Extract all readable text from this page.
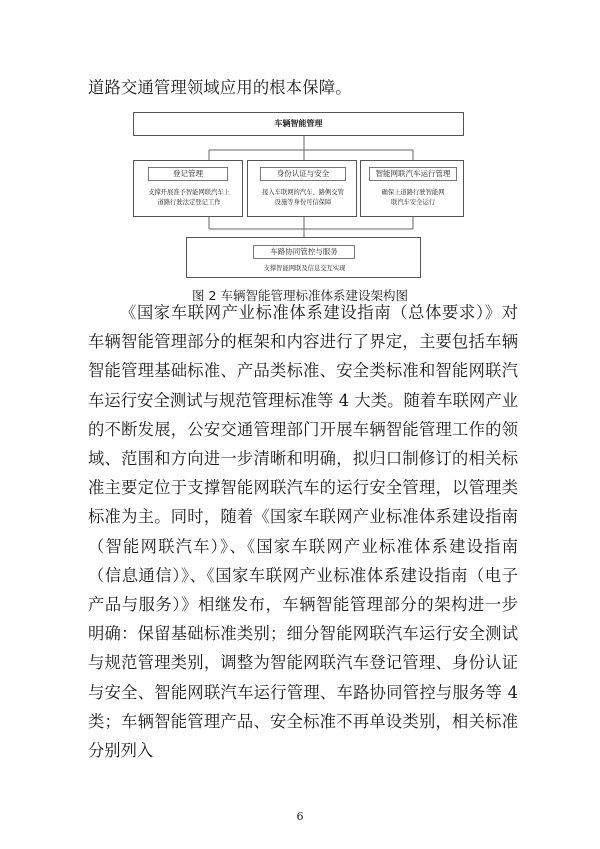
道路交通管理领域应用的根本保障。
车辆智能管理
登记管理
支撑开展准予智能网联汽车上道路行驶法定登记工作
身份认证与安全
接入车联网的汽车、路侧交管设施等身份可信保障
智能网联汽车运行管理
确保上道路行驶智能网联汽车安全运行
车路协同管控与服务
支撑智能网联及信息交互实现
图 2 车辆智能管理标准体系建设架构图

《国家车联网产业标准体系建设指南（总体要求）》对车辆智能管理部分的框架和内容进行了界定，主要包括车辆智能管理基础标准、产品类标准、安全类标准和智能网联汽车运行安全测试与规范管理标准等 4 大类。随着车联网产业的不断发展，公安交通管理部门开展车辆智能管理工作的领域、范围和方向进一步清晰和明确，拟归口制修订的相关标准主要定位于支撑智能网联汽车的运行安全管理，以管理类标准为主。同时，随着《国家车联网产业标准体系建设指南（智能网联汽车）》、《国家车联网产业标准体系建设指南（信息通信）》、《国家车联网产业标准体系建设指南（电子产品与服务）》相继发布，车辆智能管理部分的架构进一步明确：保留基础标准类别；细分智能网联汽车运行安全测试与规范管理类别，调整为智能网联汽车登记管理、身份认证与安全、智能网联汽车运行管理、车路协同管控与服务等 4 类；车辆智能管理产品、安全标准不再单设类别，相关标准分别列入

6
